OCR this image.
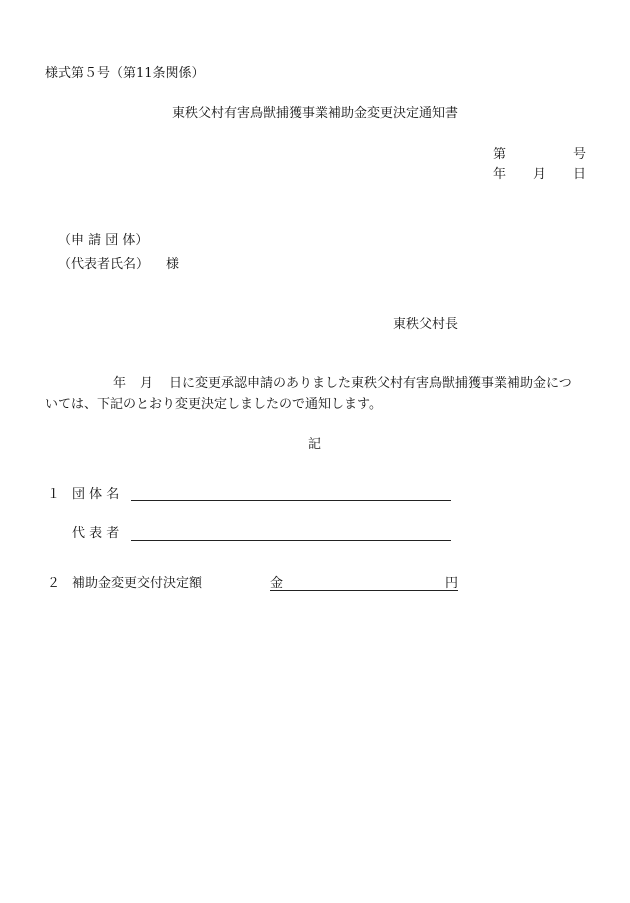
様式第５号（第11条関係）
東秩父村有害鳥獣捕獲事業補助金変更決定通知書
第	号
年 月 日
（申 請 団 体）
（代表者氏名） 様
東秩父村長
年 月 日に変更承認申請のありました東秩父村有害鳥獣捕獲事業補助金につ
いては、下記のとおり変更決定しましたので通知します。
記
１ 団 体 名
代 表 者
２ 補助金変更交付決定額	金	円
